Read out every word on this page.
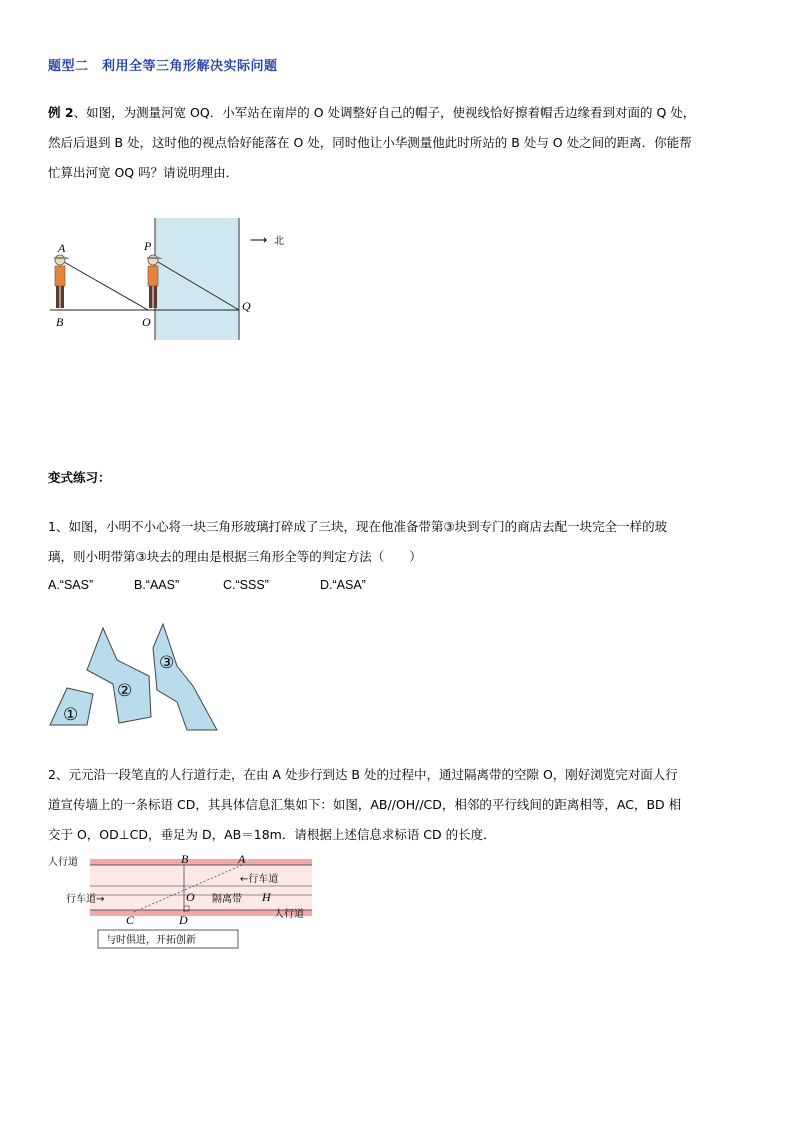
题型二　利用全等三角形解决实际问题
例 2、如图，为测量河宽 OQ．小军站在南岸的 O 处调整好自己的帽子，使视线恰好擦着帽舌边缘看到对面的 Q 处，
然后后退到 B 处，这时他的视点恰好能落在 O 处，同时他让小华测量他此时所站的 B 处与 O 处之间的距离．你能帮
忙算出河宽 OQ 吗？请说明理由．
A	P
B	O
Q
⟶ 北
变式练习：
1、如图，小明不小心将一块三角形玻璃打碎成了三块，现在他准备带第③块到专门的商店去配一块完全一样的玻
璃，则小明带第③块去的理由是根据三角形全等的判定方法（　　）
A.“SAS”	B.“AAS”	C.“SSS”	D.“ASA”
①
②
③
2、元元沿一段笔直的人行道行走，在由 A 处步行到达 B 处的过程中，通过隔离带的空隙 O，刚好浏览完对面人行
道宣传墙上的一条标语 CD，其具体信息汇集如下：如图，AB//OH//CD，相邻的平行线间的距离相等，AC，BD 相
交于 O，OD⊥CD，垂足为 D，AB＝18m．请根据上述信息求标语 CD 的长度．
人行道
←行车道
行车道→	隔离带
人行道
B	A
O	H
C	D
与时俱进，开拓创新
